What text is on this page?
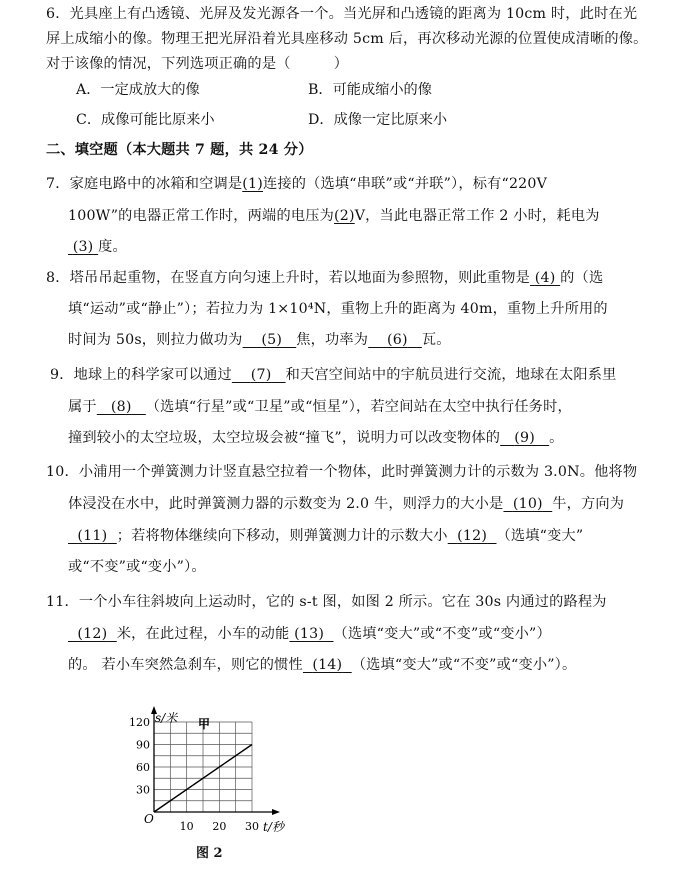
6．光具座上有凸透镜、光屏及发光源各一个。当光屏和凸透镜的距离为 10cm 时，此时在光
屏上成缩小的像。物理王把光屏沿着光具座移动 5cm 后，再次移动光源的位置使成清晰的像。
对于该像的情况，下列选项正确的是（　　　）
A．一定成放大的像	B．可能成缩小的像
C．成像可能比原来小	D．成像一定比原来小
二、填空题（本大题共 7 题，共 24 分）
7．家庭电路中的冰箱和空调是(1)连接的（选填“串联”或“并联”），标有“220V
100W”的电器正常工作时，两端的电压为(2)V，当此电器正常工作 2 小时，耗电为
(3) 度。
8．塔吊吊起重物，在竖直方向匀速上升时，若以地面为参照物，则此重物是 (4) 的（选
填“运动”或“静止”）；若拉力为 1×10⁴N，重物上升的距离为 40m，重物上升所用的
时间为 50s，则拉力做功为 (5) 焦，功率为 (6) 瓦。
9．地球上的科学家可以通过 (7) 和天宫空间站中的宇航员进行交流，地球在太阳系里
属于 (8) （选填“行星”或“卫星”或“恒星”），若空间站在太空中执行任务时，
撞到较小的太空垃圾，太空垃圾会被“撞飞”，说明力可以改变物体的 (9) 。
10．小浦用一个弹簧测力计竖直悬空拉着一个物体，此时弹簧测力计的示数为 3.0N。他将物
体浸没在水中，此时弹簧测力器的示数变为 2.0 牛，则浮力的大小是 (10) 牛，方向为
(11) ；若将物体继续向下移动，则弹簧测力计的示数大小 (12) （选填“变大”
或“不变”或“变小”）。
11．一个小车往斜坡向上运动时，它的 s-t 图，如图 2 所示。它在 30s 内通过的路程为
(12) 米，在此过程，小车的动能 (13) （选填“变大”或“不变”或“变小”）
的。 若小车突然急刹车，则它的惯性 (14) （选填“变大”或“不变”或“变小”）。
30
60
90
120
10 20 30
s/米 甲
t/秒
O
图 2
